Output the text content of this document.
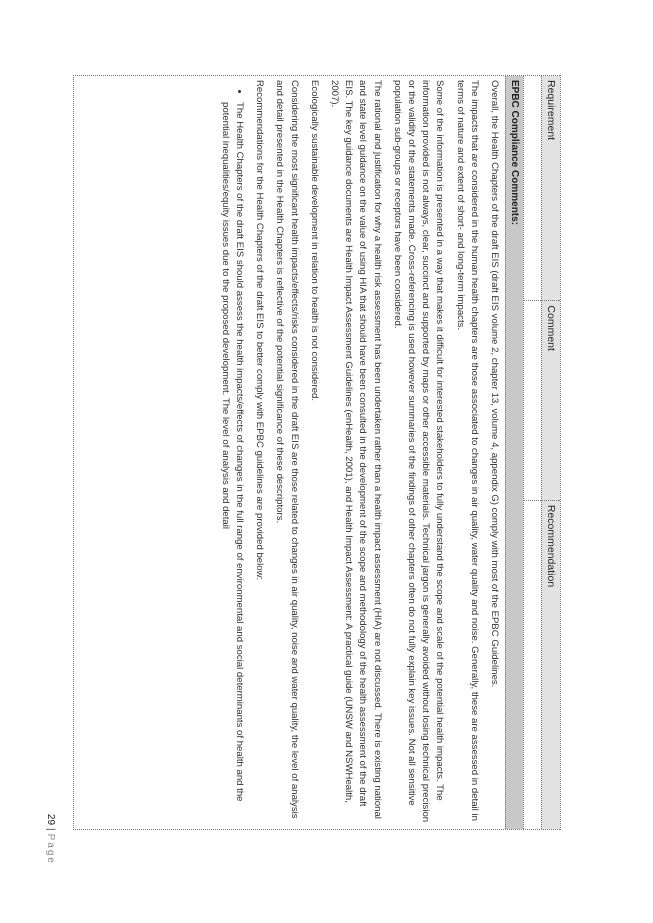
Requirement
Comment
Recommendation
EPBC Compliance Comments:

Overall, the Health Chapters of the draft EIS (draft EIS volume 2, chapter 13, volume 4, appendix G) comply with most of the EPBC Guidelines.

The impacts that are considered in the human health chapters are those associated to changes in air quality, water quality and noise. Generally, these are assessed in detail in terms of nature and extent of short- and long-term impacts.

Some of the information is presented in a way that makes it difficult for interested stakeholders to fully understand the scope and scale of the potential health impacts. The information provided is not always, clear, succinct and supported by maps or other accessible materials. Technical jargon is generally avoided without losing technical precision or the validity of the statements made. Cross-referencing is used however summaries of the findings of other chapters often do not fully explain key issues. Not all sensitive population sub-groups or receptors have been considered.

The rational and justification for why a health risk assessment has been undertaken rather than a health impact assessment (HIA) are not discussed. There is existing national and state level guidance on the value of using HIA that should have been consulted in the development of the scope and methodology of the health assessment of the draft EIS. The key guidance documents are Health Impact Assessment Guidelines (enHealth, 2001), and Health Impact Assessment: A practical guide (UNSW and NSWHealth, 2007).

Ecologically sustainable development in relation to health is not considered.

Considering the most significant health impacts/effects/risks considered in the draft EIS are those related to changes in air quality, noise and water quality, the level of analysis and detail presented in the Health Chapters is reflective of the potential significance of these descriptors.

Recommendations for the Health Chapters of the draft EIS to better comply with EPBC guidelines are provided below:

• The Health Chapters of the draft EIS should assess the health impacts/effects of changes in the full range of environmental and social determinants of health and the potential inequalities/equity issues due to the proposed development. The level of analysis and detail
29|Page
